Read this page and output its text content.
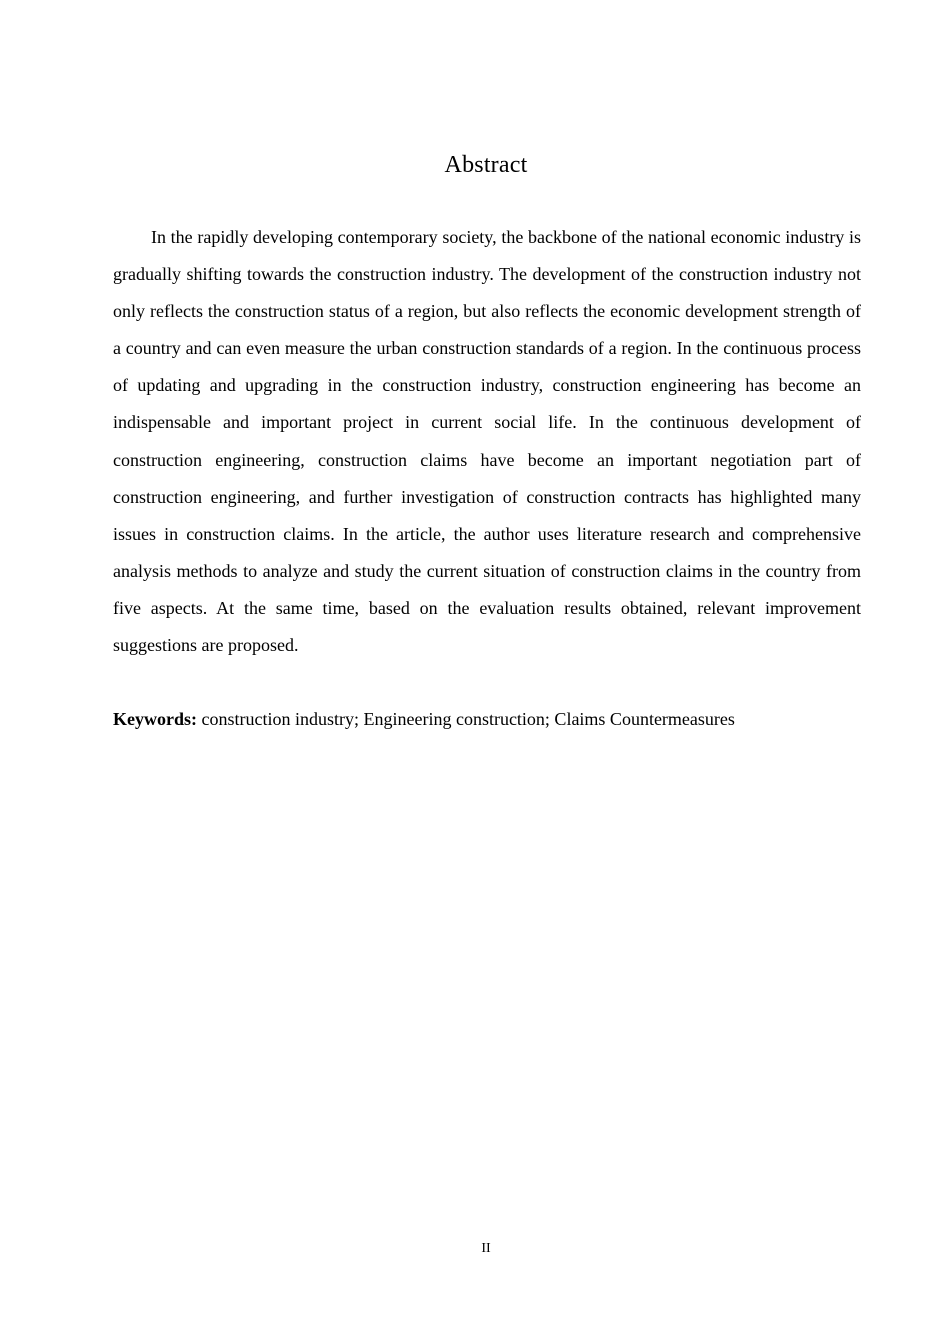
Abstract

In the rapidly developing contemporary society, the backbone of the national economic industry is gradually shifting towards the construction industry. The development of the construction industry not only reflects the construction status of a region, but also reflects the economic development strength of a country and can even measure the urban construction standards of a region. In the continuous process of updating and upgrading in the construction industry, construction engineering has become an indispensable and important project in current social life. In the continuous development of construction engineering, construction claims have become an important negotiation part of construction engineering, and further investigation of construction contracts has highlighted many issues in construction claims. In the article, the author uses literature research and comprehensive analysis methods to analyze and study the current situation of construction claims in the country from five aspects. At the same time, based on the evaluation results obtained, relevant improvement suggestions are proposed.

Keywords: construction industry; Engineering construction; Claims Countermeasures

II
